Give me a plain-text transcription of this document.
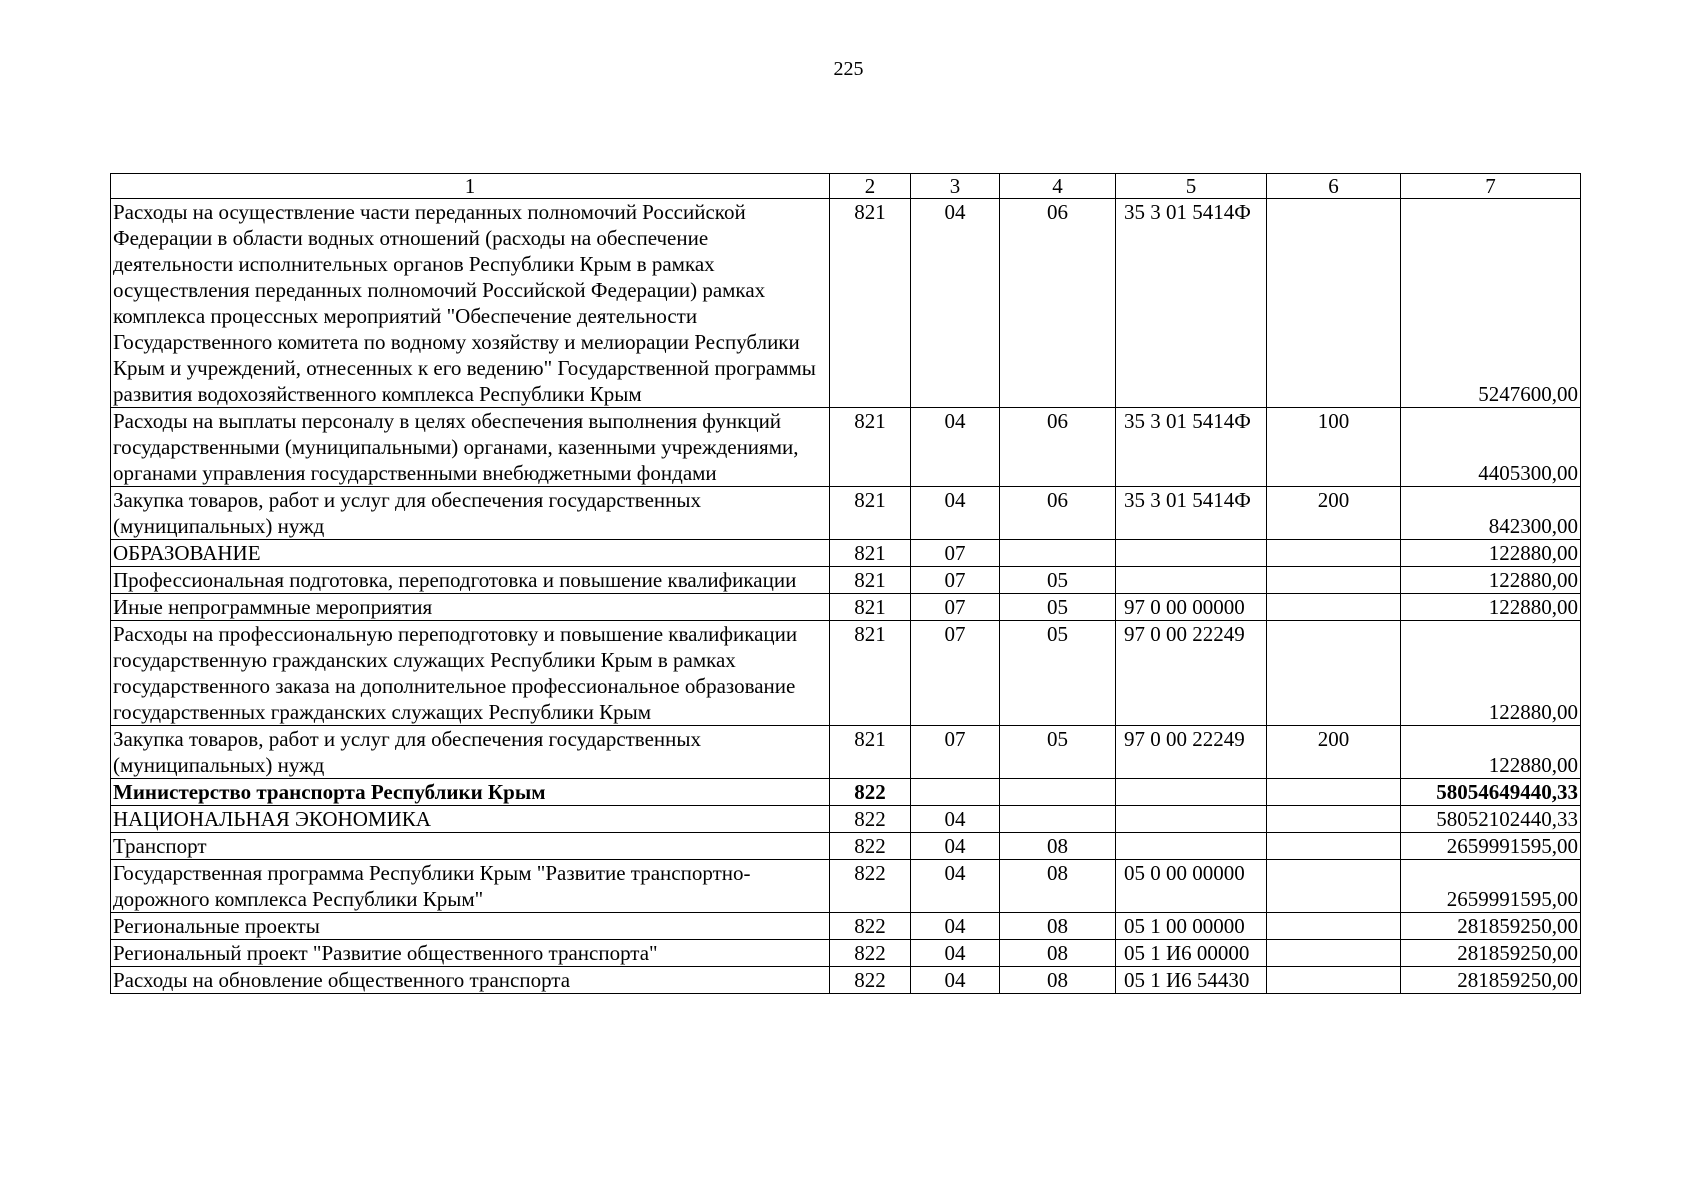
225
1	2	3	4	5	6	7
Расходы на осуществление части переданных полномочий Российской Федерации в области водных отношений (расходы на обеспечение деятельности исполнительных органов Республики Крым в рамках осуществления переданных полномочий Российской Федерации) рамках комплекса процессных мероприятий "Обеспечение деятельности Государственного комитета по водному хозяйству и мелиорации Республики Крым и учреждений, отнесенных к его ведению" Государственной программы развития водохозяйственного комплекса Республики Крым	821	04	06	35 3 01 5414Ф		5247600,00
Расходы на выплаты персоналу в целях обеспечения выполнения функций государственными (муниципальными) органами, казенными учреждениями, органами управления государственными внебюджетными фондами	821	04	06	35 3 01 5414Ф	100	4405300,00
Закупка товаров, работ и услуг для обеспечения государственных (муниципальных) нужд	821	04	06	35 3 01 5414Ф	200	842300,00
ОБРАЗОВАНИЕ	821	07				122880,00
Профессиональная подготовка, переподготовка и повышение квалификации	821	07	05			122880,00
Иные непрограммные мероприятия	821	07	05	97 0 00 00000		122880,00
Расходы на профессиональную переподготовку и повышение квалификации государственную гражданских служащих Республики Крым в рамках государственного заказа на дополнительное профессиональное образование государственных гражданских служащих Республики Крым	821	07	05	97 0 00 22249		122880,00
Закупка товаров, работ и услуг для обеспечения государственных (муниципальных) нужд	821	07	05	97 0 00 22249	200	122880,00
Министерство транспорта Республики Крым	822					58054649440,33
НАЦИОНАЛЬНАЯ ЭКОНОМИКА	822	04				58052102440,33
Транспорт	822	04	08			2659991595,00
Государственная программа Республики Крым "Развитие транспортно-дорожного комплекса Республики Крым"	822	04	08	05 0 00 00000		2659991595,00
Региональные проекты	822	04	08	05 1 00 00000		281859250,00
Региональный проект "Развитие общественного транспорта"	822	04	08	05 1 И6 00000		281859250,00
Расходы на обновление общественного транспорта	822	04	08	05 1 И6 54430		281859250,00
